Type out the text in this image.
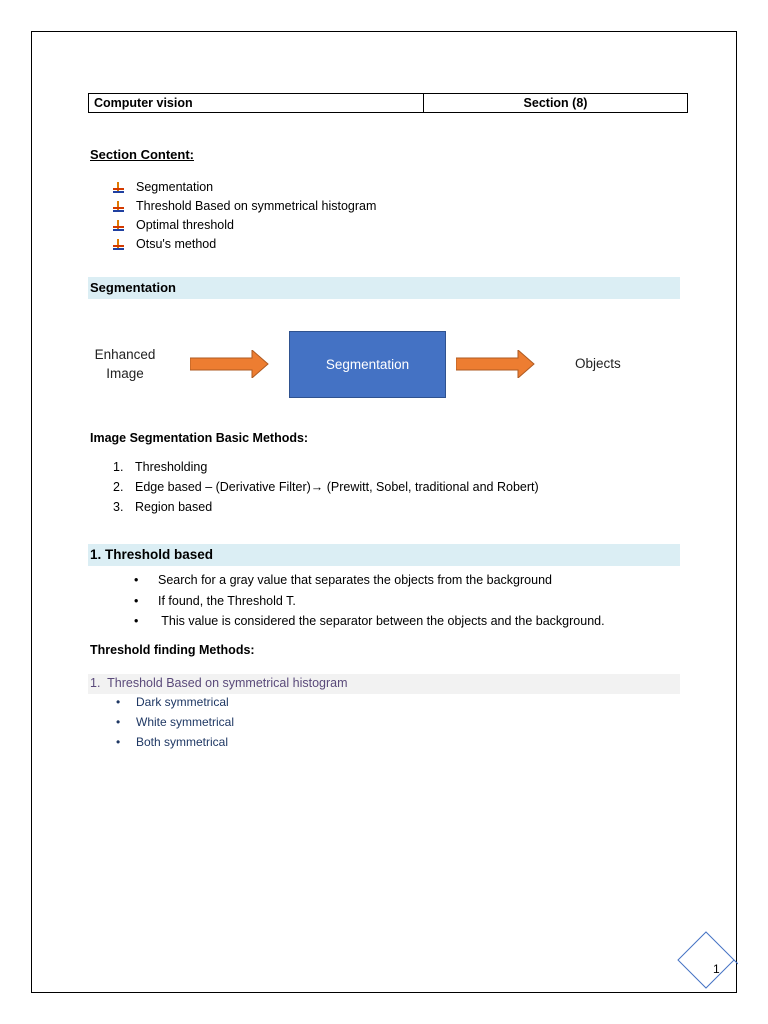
Computer vision	Section (8)
Section Content:
Segmentation
Threshold Based on symmetrical histogram
Optimal threshold
Otsu's method
Segmentation
Enhanced
Image
Segmentation	Objects
Image Segmentation Basic Methods:
1. Thresholding
2. Edge based – (Derivative Filter)→ (Prewitt, Sobel, traditional and Robert)
3. Region based
1. Threshold based
•	Search for a gray value that separates the objects from the background
•	If found, the Threshold T.
•	This value is considered the separator between the objects and the background.
Threshold finding Methods:
1.  Threshold Based on symmetrical histogram
•	Dark symmetrical
•	White symmetrical
•	Both symmetrical
1
